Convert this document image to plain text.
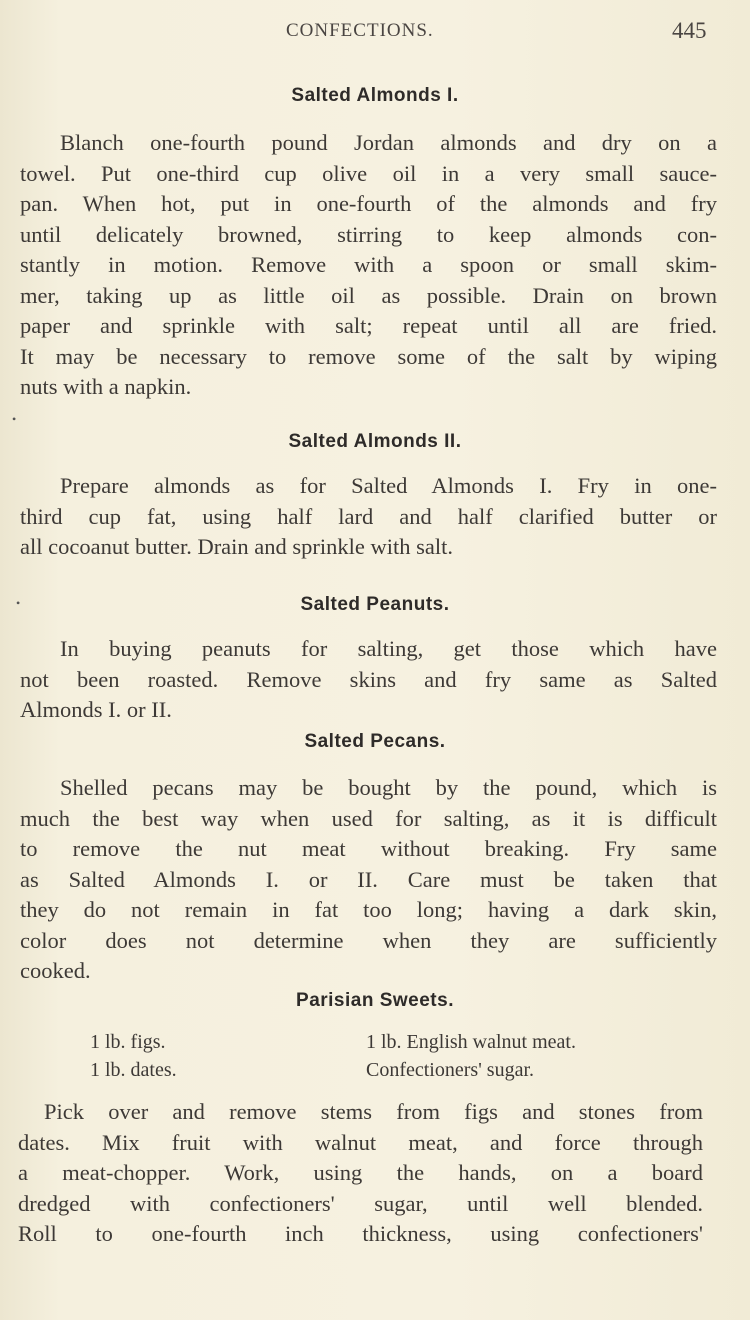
CONFECTIONS.	445
Salted Almonds I.
Blanch one-fourth pound Jordan almonds and dry on a
towel. Put one-third cup olive oil in a very small sauce-
pan. When hot, put in one-fourth of the almonds and fry
until delicately browned, stirring to keep almonds con-
stantly in motion. Remove with a spoon or small skim-
mer, taking up as little oil as possible. Drain on brown
paper and sprinkle with salt; repeat until all are fried.
It may be necessary to remove some of the salt by wiping
nuts with a napkin.
Salted Almonds II.
Prepare almonds as for Salted Almonds I. Fry in one-
third cup fat, using half lard and half clarified butter or
all cocoanut butter. Drain and sprinkle with salt.
Salted Peanuts.
In buying peanuts for salting, get those which have
not been roasted. Remove skins and fry same as Salted
Almonds I. or II.
Salted Pecans.
Shelled pecans may be bought by the pound, which is
much the best way when used for salting, as it is difficult
to remove the nut meat without breaking. Fry same
as Salted Almonds I. or II. Care must be taken that
they do not remain in fat too long; having a dark skin,
color does not determine when they are sufficiently
cooked.
Parisian Sweets.
1 lb. figs.	1 lb. English walnut meat.
1 lb. dates.	Confectioners' sugar.
Pick over and remove stems from figs and stones from
dates. Mix fruit with walnut meat, and force through
a meat-chopper. Work, using the hands, on a board
dredged with confectioners' sugar, until well blended.
Roll to one-fourth inch thickness, using confectioners'
•
•
